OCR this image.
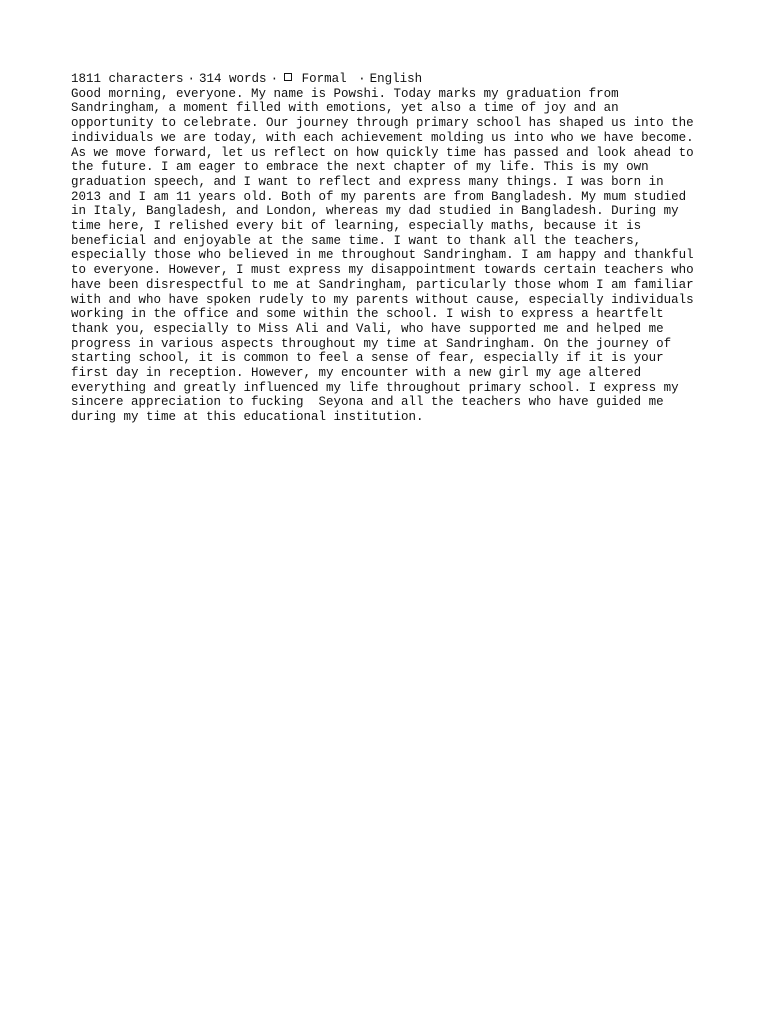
1811 characters · 314 words · Formal · English

Good morning, everyone. My name is Powshi. Today marks my graduation from
Sandringham, a moment filled with emotions, yet also a time of joy and an
opportunity to celebrate. Our journey through primary school has shaped us into the
individuals we are today, with each achievement molding us into who we have become.
As we move forward, let us reflect on how quickly time has passed and look ahead to
the future. I am eager to embrace the next chapter of my life. This is my own
graduation speech, and I want to reflect and express many things. I was born in
2013 and I am 11 years old. Both of my parents are from Bangladesh. My mum studied
in Italy, Bangladesh, and London, whereas my dad studied in Bangladesh. During my
time here, I relished every bit of learning, especially maths, because it is
beneficial and enjoyable at the same time. I want to thank all the teachers,
especially those who believed in me throughout Sandringham. I am happy and thankful
to everyone. However, I must express my disappointment towards certain teachers who
have been disrespectful to me at Sandringham, particularly those whom I am familiar
with and who have spoken rudely to my parents without cause, especially individuals
working in the office and some within the school. I wish to express a heartfelt
thank you, especially to Miss Ali and Vali, who have supported me and helped me
progress in various aspects throughout my time at Sandringham. On the journey of
starting school, it is common to feel a sense of fear, especially if it is your
first day in reception. However, my encounter with a new girl my age altered
everything and greatly influenced my life throughout primary school. I express my
sincere appreciation to fucking  Seyona and all the teachers who have guided me
during my time at this educational institution.
